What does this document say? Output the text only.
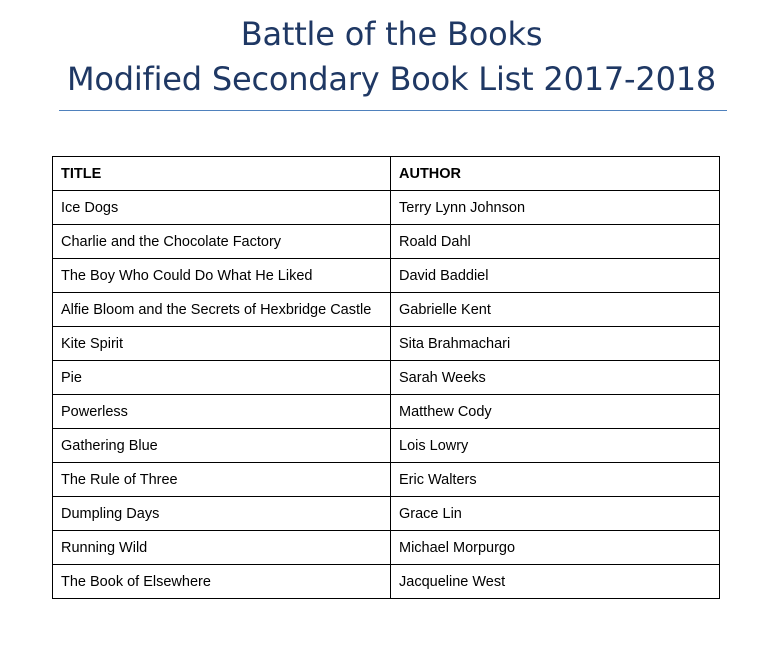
Battle of the Books
Modified Secondary Book List 2017-2018
TITLE	AUTHOR
Ice Dogs	Terry Lynn Johnson
Charlie and the Chocolate Factory	Roald Dahl
The Boy Who Could Do What He Liked	David Baddiel
Alfie Bloom and the Secrets of Hexbridge Castle	Gabrielle Kent
Kite Spirit	Sita Brahmachari
Pie	Sarah Weeks
Powerless	Matthew Cody
Gathering Blue	Lois Lowry
The Rule of Three	Eric Walters
Dumpling Days	Grace Lin
Running Wild	Michael Morpurgo
The Book of Elsewhere	Jacqueline West
